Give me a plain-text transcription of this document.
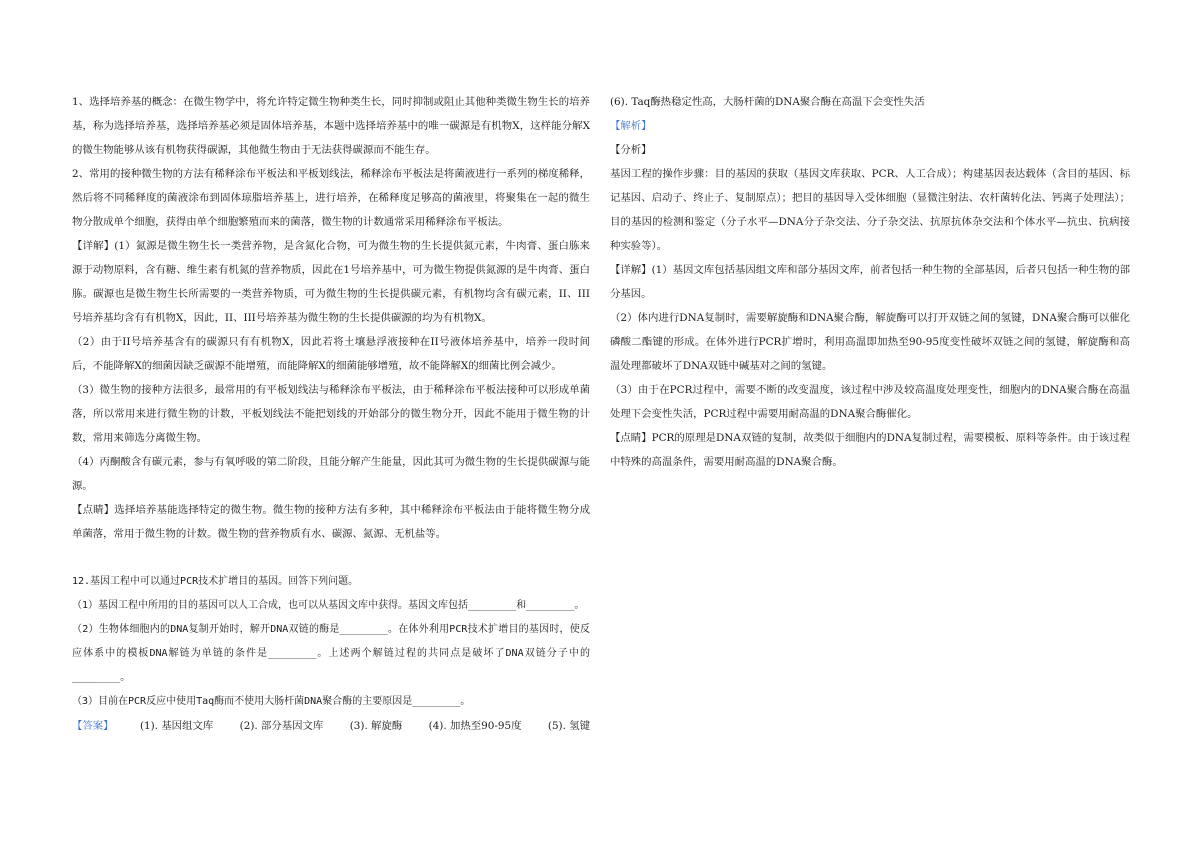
1、选择培养基的概念：在微生物学中，将允许特定微生物种类生长，同时抑制或阻止其他种类微生物生长的培养基，称为选择培养基，选择培养基必须是固体培养基，本题中选择培养基中的唯一碳源是有机物X，这样能分解X的微生物能够从该有机物获得碳源，其他微生物由于无法获得碳源而不能生存。

2、常用的接种微生物的方法有稀释涂布平板法和平板划线法，稀释涂布平板法是将菌液进行一系列的梯度稀释，然后将不同稀释度的菌液涂布到固体琼脂培养基上，进行培养，在稀释度足够高的菌液里，将聚集在一起的微生物分散成单个细胞，获得由单个细胞繁殖而来的菌落，微生物的计数通常采用稀释涂布平板法。

【详解】(1）氮源是微生物生长一类营养物，是含氮化合物，可为微生物的生长提供氮元素，牛肉膏、蛋白胨来源于动物原料，含有糖、维生素有机氮的营养物质，因此在1号培养基中，可为微生物提供氮源的是牛肉膏、蛋白胨。碳源也是微生物生长所需要的一类营养物质，可为微生物的生长提供碳元素，有机物均含有碳元素，II、III号培养基均含有有机物X，因此，II、III号培养基为微生物的生长提供碳源的均为有机物X。

（2）由于II号培养基含有的碳源只有有机物X，因此若将土壤悬浮液接种在II号液体培养基中，培养一段时间后，不能降解X的细菌因缺乏碳源不能增殖，而能降解X的细菌能够增殖，故不能降解X的细菌比例会减少。

（3）微生物的接种方法很多，最常用的有平板划线法与稀释涂布平板法，由于稀释涂布平板法接种可以形成单菌落，所以常用来进行微生物的计数，平板划线法不能把划线的开始部分的微生物分开，因此不能用于微生物的计数，常用来筛选分离微生物。

（4）丙酮酸含有碳元素，参与有氧呼吸的第二阶段，且能分解产生能量，因此其可为微生物的生长提供碳源与能源。

【点睛】选择培养基能选择特定的微生物。微生物的接种方法有多种，其中稀释涂布平板法由于能将微生物分成单菌落，常用于微生物的计数。微生物的营养物质有水、碳源、氮源、无机盐等。

12.基因工程中可以通过PCR技术扩增目的基因。回答下列问题。

（1）基因工程中所用的目的基因可以人工合成，也可以从基因文库中获得。基因文库包括________和________。

（2）生物体细胞内的DNA复制开始时，解开DNA双链的酶是________。在体外利用PCR技术扩增目的基因时，使反应体系中的模板DNA解链为单链的条件是________。上述两个解链过程的共同点是破坏了DNA双链分子中的________。

（3）目前在PCR反应中使用Taq酶而不使用大肠杆菌DNA聚合酶的主要原因是________。

【答案】	(1). 基因组文库	(2). 部分基因文库	(3). 解旋酶	(4). 加热至90-95度	(5). 氢键

(6). Taq酶热稳定性高，大肠杆菌的DNA聚合酶在高温下会变性失活

【解析】

【分析】

基因工程的操作步骤：目的基因的获取（基因文库获取、PCR、人工合成）；构建基因表达载体（含目的基因、标记基因、启动子、终止子、复制原点）；把目的基因导入受体细胞（显微注射法、农杆菌转化法、钙离子处理法）；目的基因的检测和鉴定（分子水平—DNA分子杂交法、分子杂交法、抗原抗体杂交法和个体水平—抗虫、抗病接种实验等）。

【详解】(1）基因文库包括基因组文库和部分基因文库，前者包括一种生物的全部基因，后者只包括一种生物的部分基因。

（2）体内进行DNA复制时，需要解旋酶和DNA聚合酶，解旋酶可以打开双链之间的氢键，DNA聚合酶可以催化磷酸二酯键的形成。在体外进行PCR扩增时，利用高温即加热至90-95度变性破坏双链之间的氢键，解旋酶和高温处理都破坏了DNA双链中碱基对之间的氢键。

（3）由于在PCR过程中，需要不断的改变温度，该过程中涉及较高温度处理变性，细胞内的DNA聚合酶在高温处理下会变性失活，PCR过程中需要用耐高温的DNA聚合酶催化。

【点睛】PCR的原理是DNA双链的复制，故类似于细胞内的DNA复制过程，需要模板、原料等条件。由于该过程中特殊的高温条件，需要用耐高温的DNA聚合酶。
